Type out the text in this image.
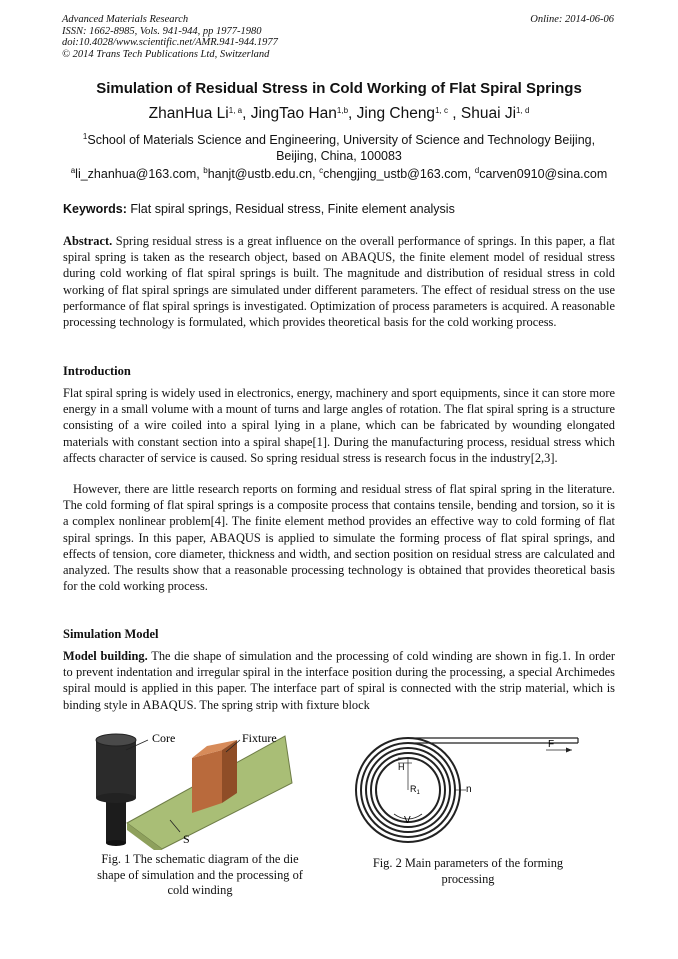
Advanced Materials Research
ISSN: 1662-8985, Vols. 941-944, pp 1977-1980
doi:10.4028/www.scientific.net/AMR.941-944.1977
© 2014 Trans Tech Publications Ltd, Switzerland
Online: 2014-06-06
Simulation of Residual Stress in Cold Working of Flat Spiral Springs
ZhanHua Li$^{1, a}$, JingTao Han$^{1,b}$, Jing Cheng$^{1, c}$ , Shuai Ji$^{1, d}$
$^1$School of Materials Science and Engineering, University of Science and Technology Beijing,
Beijing, China, 100083
$^a$li_zhanhua@163.com, $^b$hanjt@ustb.edu.cn, $^c$chengjing_ustb@163.com, $^d$carven0910@sina.com
Keywords: Flat spiral springs, Residual stress, Finite element analysis
Abstract. Spring residual stress is a great influence on the overall performance of springs. In this paper, a flat spiral spring is taken as the research object, based on ABAQUS, the finite element model of residual stress during cold working of flat spiral springs is built. The magnitude and distribution of residual stress in cold working of flat spiral springs are simulated under different parameters. The effect of residual stress on the use performance of flat spiral springs is investigated. Optimization of process parameters is acquired. A reasonable processing technology is formulated, which provides theoretical basis for the cold working process.
Introduction
Flat spiral spring is widely used in electronics, energy, machinery and sport equipments, since it can store more energy in a small volume with a mount of turns and large angles of rotation. The flat spiral spring is a structure consisting of a wire coiled into a spiral lying in a plane, which can be fabricated by wounding elongated materials with constant section into a spiral shape[1]. During the manufacturing process, residual stress which affects character of service is caused. So spring residual stress is research focus in the industry[2,3].
However, there are little research reports on forming and residual stress of flat spiral spring in the literature. The cold forming of flat spiral springs is a composite process that contains tensile, bending and torsion, so it is a complex nonlinear problem[4]. The finite element method provides an effective way to cold forming of flat spiral springs. In this paper, ABAQUS is applied to simulate the forming process of flat spiral springs, and effects of tension, core diameter, thickness and width, and section position on residual stress are calculated and analyzed. The results show that a reasonable processing technology is obtained that provides theoretical basis for the cold working process.
Simulation Model
Model building. The die shape of simulation and the processing of cold winding are shown in fig.1. In order to prevent indentation and irregular spiral in the interface position during the processing, a special Archimedes spiral mould is applied in this paper. The interface part of spiral is connected with the strip material, which is binding style in ABAQUS. The spring strip with fixture block
Core	Fixture
S
Fig. 1 The schematic diagram of the die
shape of simulation and the processing of
cold winding
F
H
$R_1$	n
V
Fig. 2 Main parameters of the forming
processing
